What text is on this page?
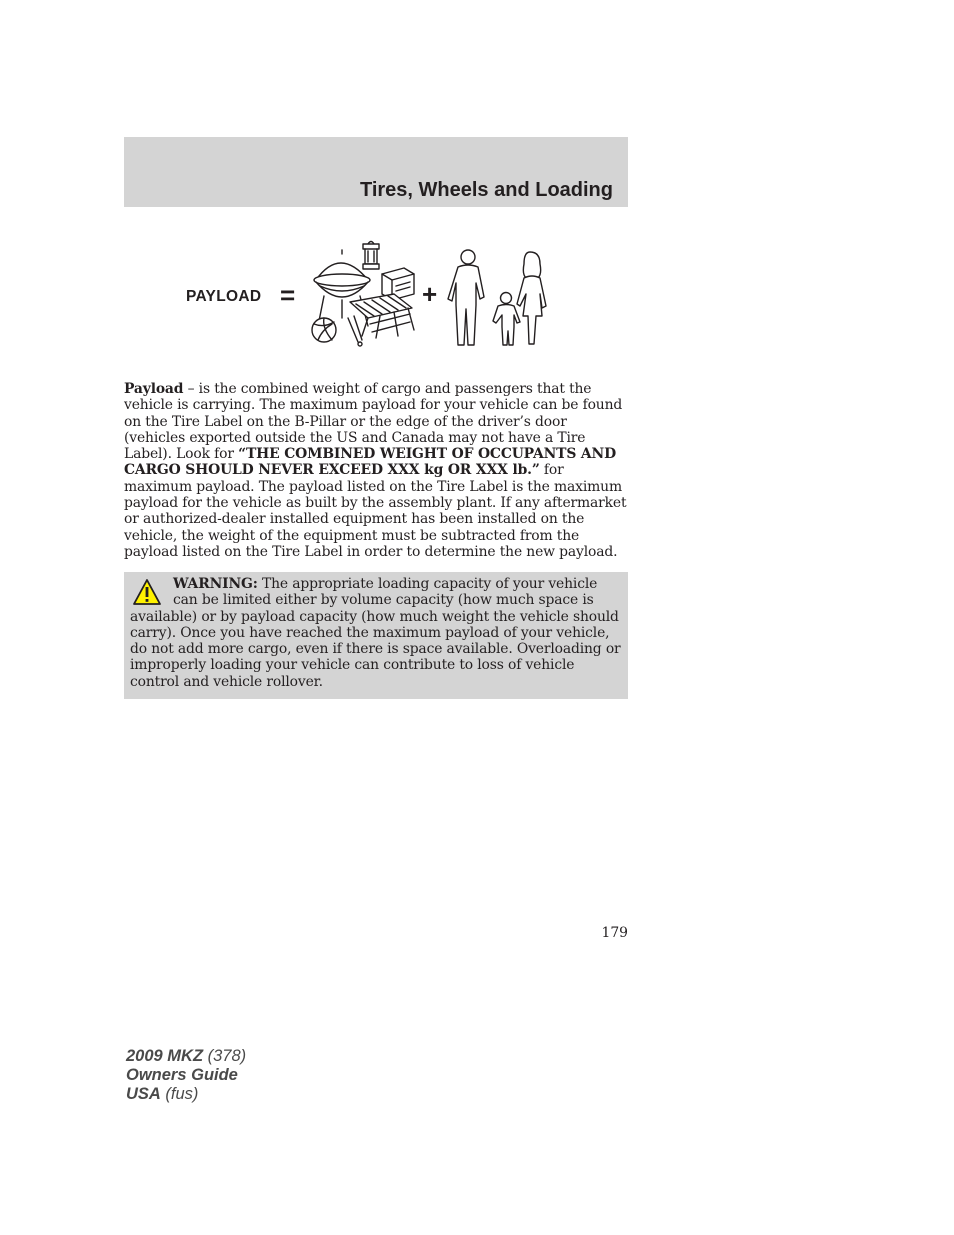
Tires, Wheels and Loading
PAYLOAD =	+

Payload – is the combined weight of cargo and passengers that the vehicle is carrying. The maximum payload for your vehicle can be found on the Tire Label on the B-Pillar or the edge of the driver’s door (vehicles exported outside the US and Canada may not have a Tire Label). Look for “THE COMBINED WEIGHT OF OCCUPANTS AND CARGO SHOULD NEVER EXCEED XXX kg OR XXX lb.” for maximum payload. The payload listed on the Tire Label is the maximum payload for the vehicle as built by the assembly plant. If any aftermarket or authorized-dealer installed equipment has been installed on the vehicle, the weight of the equipment must be subtracted from the payload listed on the Tire Label in order to determine the new payload.

WARNING: The appropriate loading capacity of your vehicle can be limited either by volume capacity (how much space is available) or by payload capacity (how much weight the vehicle should carry). Once you have reached the maximum payload of your vehicle, do not add more cargo, even if there is space available. Overloading or improperly loading your vehicle can contribute to loss of vehicle control and vehicle rollover.

179
2009 MKZ (378)
Owners Guide
USA (fus)
